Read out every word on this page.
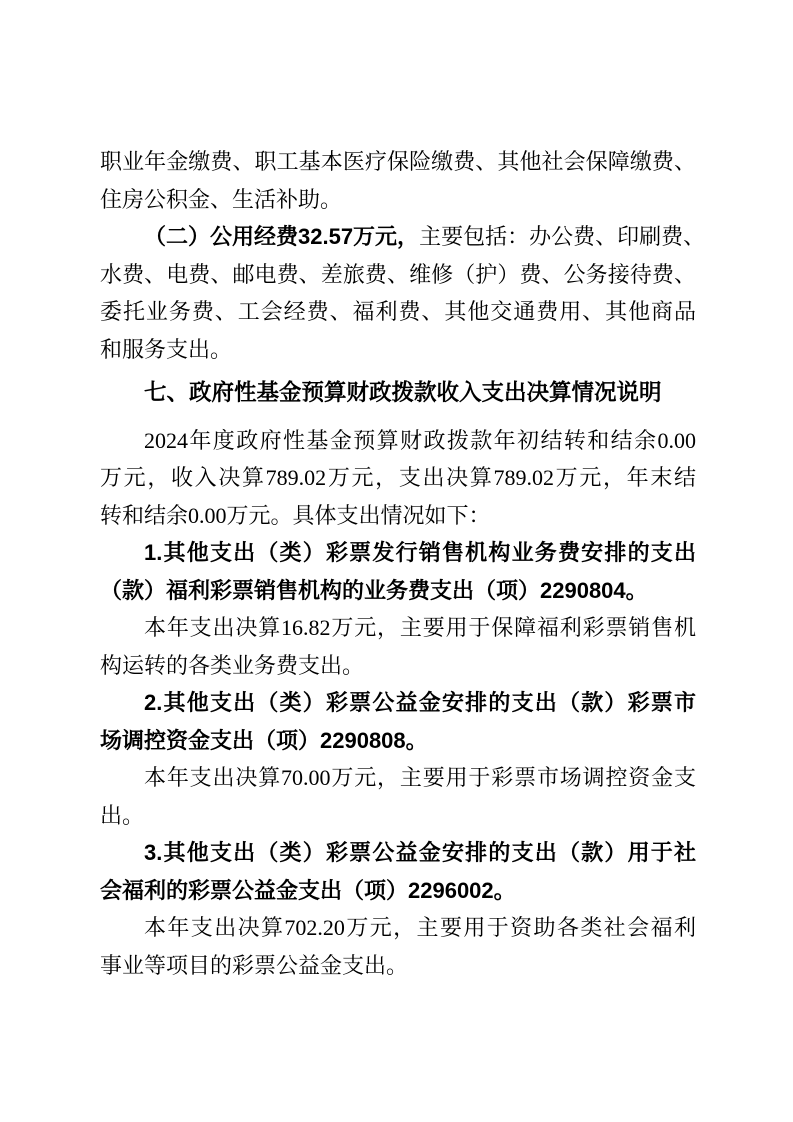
职业年金缴费、职工基本医疗保险缴费、其他社会保障缴费、
住房公积金、生活补助。
（二）公用经费32.57万元，主要包括：办公费、印刷费、
水费、电费、邮电费、差旅费、维修（护）费、公务接待费、
委托业务费、工会经费、福利费、其他交通费用、其他商品
和服务支出。
七、政府性基金预算财政拨款收入支出决算情况说明
2024年度政府性基金预算财政拨款年初结转和结余0.00
万元，收入决算789.02万元，支出决算789.02万元，年末结
转和结余0.00万元。具体支出情况如下：
1.其他支出（类）彩票发行销售机构业务费安排的支出
（款）福利彩票销售机构的业务费支出（项）2290804。
本年支出决算16.82万元，主要用于保障福利彩票销售机
构运转的各类业务费支出。
2.其他支出（类）彩票公益金安排的支出（款）彩票市
场调控资金支出（项）2290808。
本年支出决算70.00万元，主要用于彩票市场调控资金支
出。
3.其他支出（类）彩票公益金安排的支出（款）用于社
会福利的彩票公益金支出（项）2296002。
本年支出决算702.20万元，主要用于资助各类社会福利
事业等项目的彩票公益金支出。
